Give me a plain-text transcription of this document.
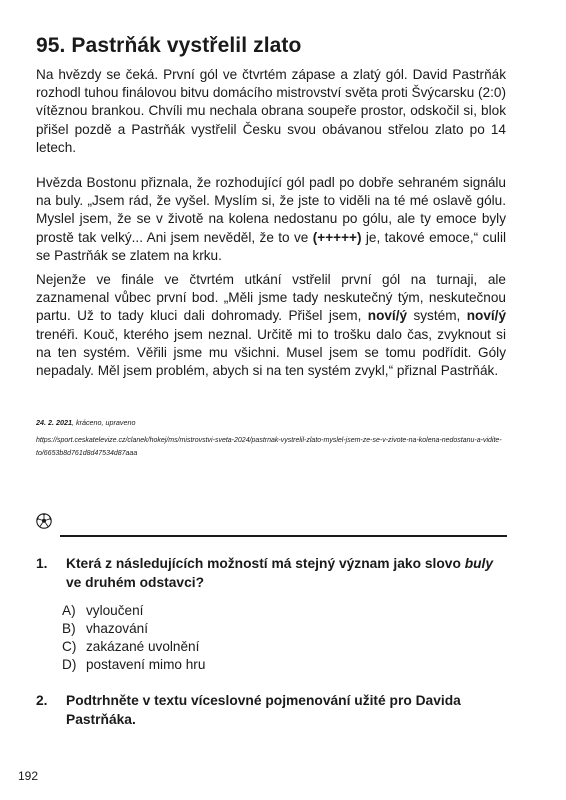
95. Pastrňák vystřelil zlato

Na hvězdy se čeká. První gól ve čtvrtém zápase a zlatý gól. David Pastrňák rozhodl tuhou finálovou bitvu domácího mistrovství světa proti Švýcarsku (2:0) vítěznou brankou. Chvíli mu nechala obrana soupeře prostor, odskočil si, blok přišel pozdě a Pastrňák vystřelil Česku svou obávanou střelou zlato po 14 letech.

Hvězda Bostonu přiznala, že rozhodující gól padl po dobře sehraném signálu na buly. „Jsem rád, že vyšel. Myslím si, že jste to viděli na té mé oslavě gólu. Myslel jsem, že se v životě na kolena nedostanu po gólu, ale ty emoce byly prostě tak velký... Ani jsem nevěděl, že to ve (+++++) je, takové emoce,“ culil se Pastrňák se zlatem na krku.

Nejenže ve finále ve čtvrtém utkání vstřelil první gól na turnaji, ale zaznamenal vůbec první bod. „Měli jsme tady neskutečný tým, neskutečnou partu. Už to tady kluci dali dohromady. Přišel jsem, noví/ý systém, noví/ý trenéři. Kouč, kterého jsem neznal. Určitě mi to trošku dalo čas, zvyknout si na ten systém. Věřili jsme mu všichni. Musel jsem se tomu podřídit. Góly nepadaly. Měl jsem problém, abych si na ten systém zvykl,“ přiznal Pastrňák.

24. 2. 2021, kráceno, upraveno
https://sport.ceskatelevize.cz/clanek/hokej/ms/mistrovstvi-sveta-2024/pastrnak-vystrelil-zlato-myslel-jsem-ze-se-v-zivote-na-kolena-nedostanu-a-vidite-to/6653b8d761d8d47534d87aaa
1. Která z následujících možností má stejný význam jako slovo buly ve druhém odstavci?
A) vyloučení
B) vhazování
C) zakázané uvolnění
D) postavení mimo hru
2. Podtrhněte v textu víceslovné pojmenování užité pro Davida Pastrňáka.
192
